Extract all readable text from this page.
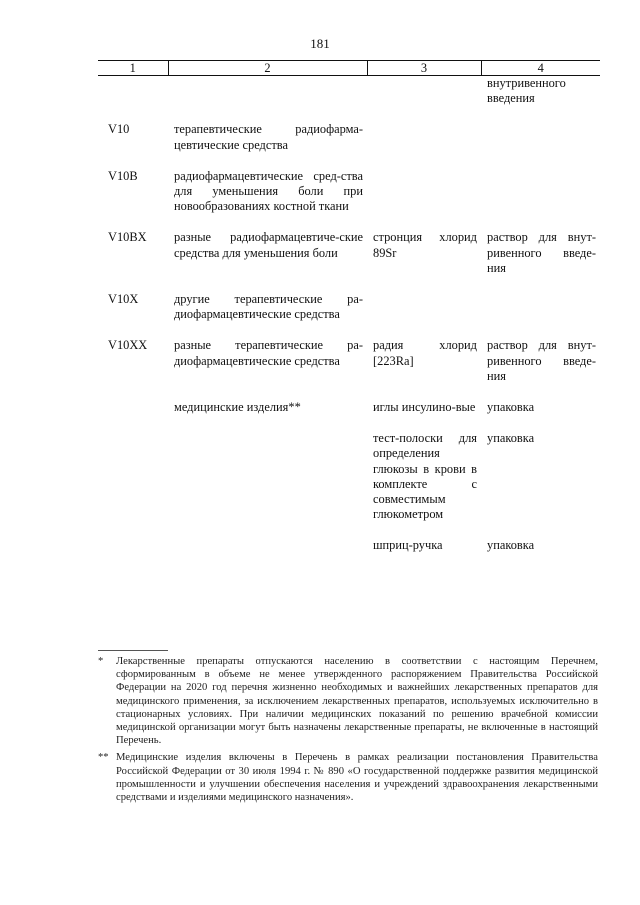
181
1	2	3	4
			внутривенного введения

V10	терапевтические радиофарма-цевтические средства		

V10B	радиофармацевтические сред-ства для уменьшения боли при новообразованиях костной ткани		

V10BX	разные радиофармацевтиче-ские средства для уменьшения боли	стронция хлорид 89Sr	раствор для внут-ривенного введе-ния

V10X	другие терапевтические ра-диофармацевтические средства		

V10XX	разные терапевтические ра-диофармацевтические средства	радия хлорид [223Ra]	раствор для внут-ривенного введе-ния

	медицинские изделия**	иглы инсулино-вые	упаковка

		тест-полоски для определения глюкозы в крови в комплекте с совместимым глюкометром	упаковка

		шприц-ручка	упаковка
*	Лекарственные препараты отпускаются населению в соответствии с настоящим Перечнем, сформированным в объеме не менее утвержденного распоряжением Правительства Российской Федерации на 2020 год перечня жизненно необходимых и важнейших лекарственных препаратов для медицинского применения, за исключением лекарственных препаратов, используемых исключительно в стационарных условиях. При наличии медицинских показаний по решению врачебной комиссии медицинской организации могут быть назначены лекарственные препараты, не включенные в настоящий Перечень.
** Медицинские изделия включены в Перечень в рамках реализации постановления Правительства Российской Федерации от 30 июля 1994 г. № 890 «О государственной поддержке развития медицинской промышленности и улучшении обеспечения населения и учреждений здравоохранения лекарственными средствами и изделиями медицинского назначения».
